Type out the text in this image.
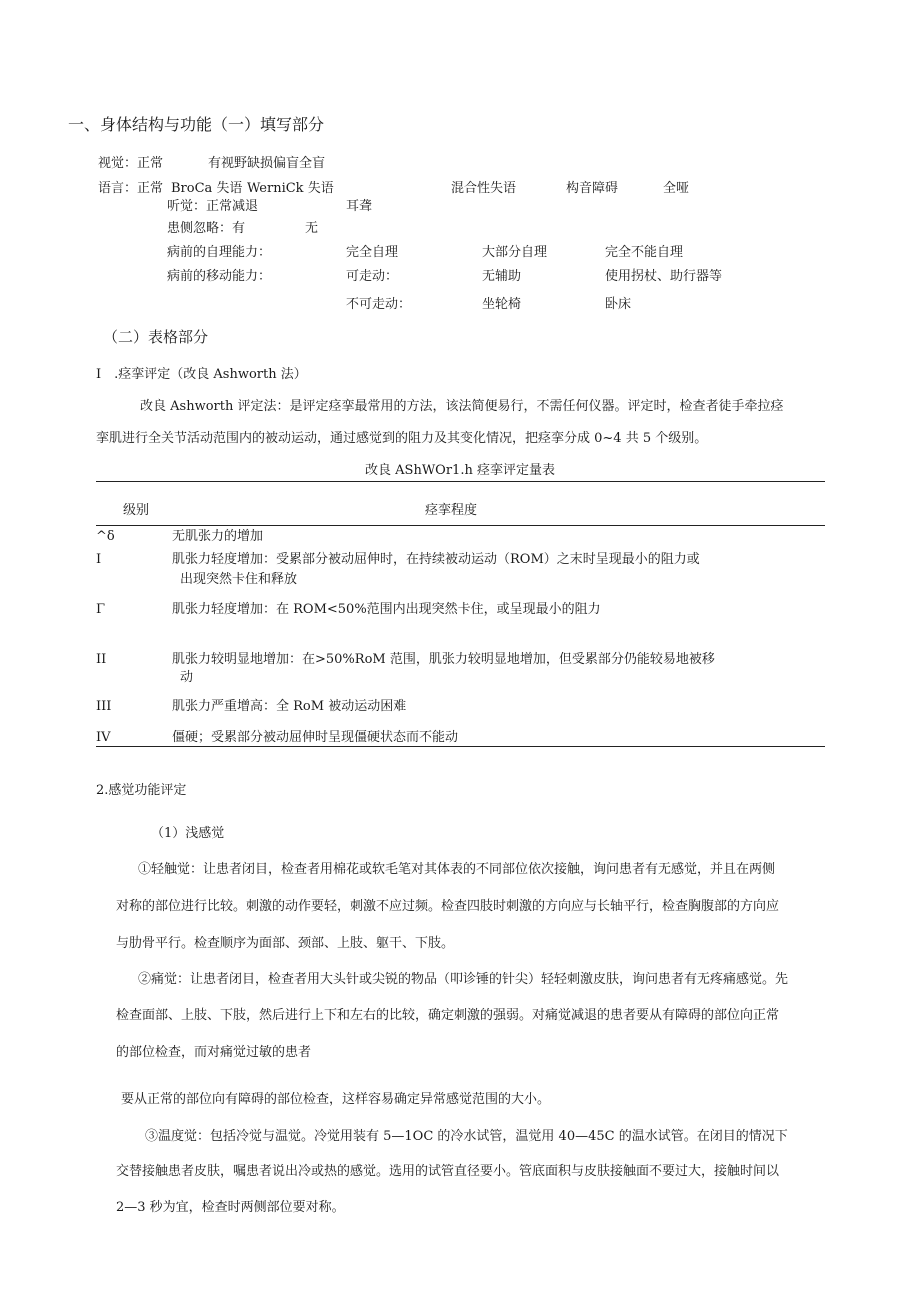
一、身体结构与功能（一）填写部分
视觉：正常	有视野缺损偏盲全盲
语言：正常 BroCa 失语 WerniCk 失语	混合性失语	构音障碍	全哑
听觉：正常减退	耳聋
患侧忽略：有	无
病前的自理能力：	完全自理	大部分自理	完全不能自理
病前的移动能力：	可走动：	无辅助	使用拐杖、助行器等
不可走动：	坐轮椅	卧床
（二）表格部分
I　.痉挛评定（改良 Ashworth 法）
改良 Ashworth 评定法：是评定痉挛最常用的方法，该法简便易行，不需任何仪器。评定时，检查者徒手牵拉痉
挛肌进行全关节活动范围内的被动运动，通过感觉到的阻力及其变化情况，把痉挛分成 0~4 共 5 个级别。
改良 AShWOr1.h 痉挛评定量表
级别	痉挛程度
^δ	无肌张力的增加
I	肌张力轻度增加：受累部分被动屈伸时，在持续被动运动（ROM）之末时呈现最小的阻力或
出现突然卡住和释放
Γ	肌张力轻度增加：在 ROM<50%范围内出现突然卡住，或呈现最小的阻力
II	肌张力较明显地增加：在>50%RoM 范围，肌张力较明显地增加，但受累部分仍能较易地被移
动
III	肌张力严重增高：全 RoM 被动运动困难
IV	僵硬；受累部分被动屈伸时呈现僵硬状态而不能动
2.感觉功能评定
（1）浅感觉
①轻触觉：让患者闭目，检查者用棉花或软毛笔对其体表的不同部位依次接触，询问患者有无感觉，并且在两侧
对称的部位进行比较。刺激的动作要轻，刺激不应过频。检查四肢时刺激的方向应与长轴平行，检查胸腹部的方向应
与肋骨平行。检查顺序为面部、颈部、上肢、躯干、下肢。
②痛觉：让患者闭目，检查者用大头针或尖锐的物品（叩诊锤的针尖）轻轻刺激皮肤，询问患者有无疼痛感觉。先
检查面部、上肢、下肢，然后进行上下和左右的比较，确定刺激的强弱。对痛觉减退的患者要从有障碍的部位向正常
的部位检查，而对痛觉过敏的患者
要从正常的部位向有障碍的部位检查，这样容易确定异常感觉范围的大小。
③温度觉：包括冷觉与温觉。冷觉用装有 5—1OC 的冷水试管，温觉用 40—45C 的温水试管。在闭目的情况下
交替接触患者皮肤，嘱患者说出冷或热的感觉。选用的试管直径要小。管底面积与皮肤接触面不要过大，接触时间以
2—3 秒为宜，检查时两侧部位要对称。
